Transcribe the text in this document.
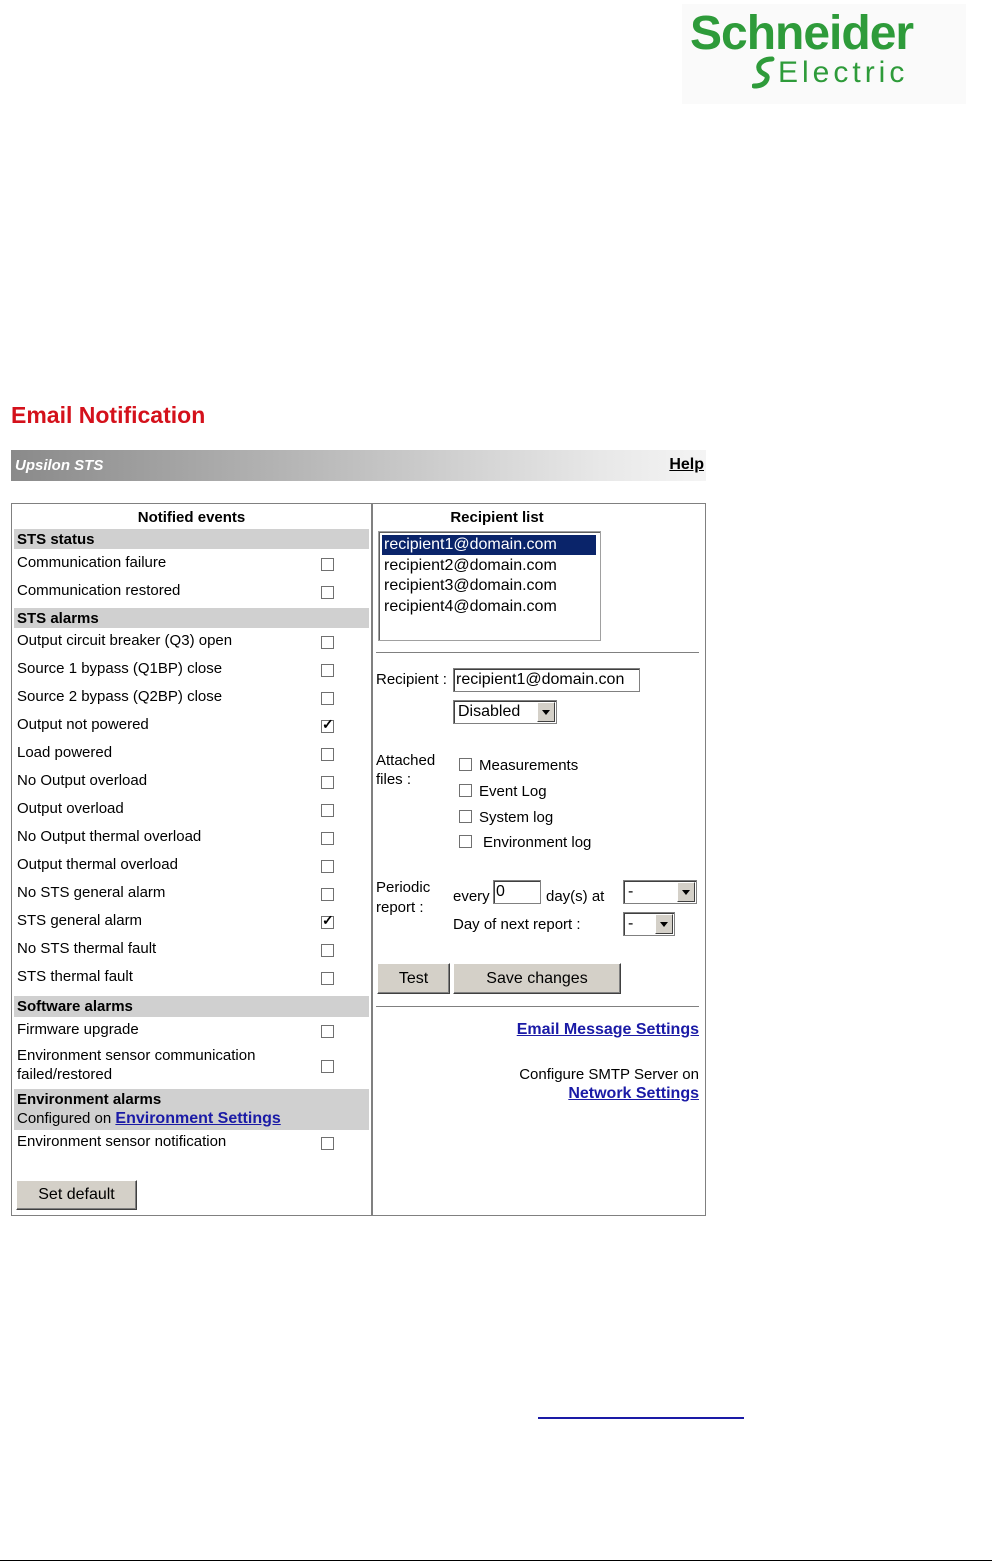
Schneider
Electric
Email Notification
Upsilon STS	Help
Notified events
STS status
Communication failure
Communication restored
STS alarms
Output circuit breaker (Q3) open
Source 1 bypass (Q1BP) close
Source 2 bypass (Q2BP) close
Output not powered	✓
Load powered
No Output overload
Output overload
No Output thermal overload
Output thermal overload
No STS general alarm
STS general alarm	✓
No STS thermal fault
STS thermal fault
Software alarms
Firmware upgrade
Environment sensor communication
failed/restored
Environment alarms
Configured on Environment Settings
Environment sensor notification
Set default
Recipient list
recipient1@domain.com
recipient2@domain.com
recipient3@domain.com
recipient4@domain.com
Recipient : recipient1@domain.con
Disabled
Attached
files :
Measurements
Event Log
System log
Environment log
Periodic
report :
every 0	day(s) at	-
Day of next report :	-
Test	Save changes
Email Message Settings
Configure SMTP Server on
Network Settings
